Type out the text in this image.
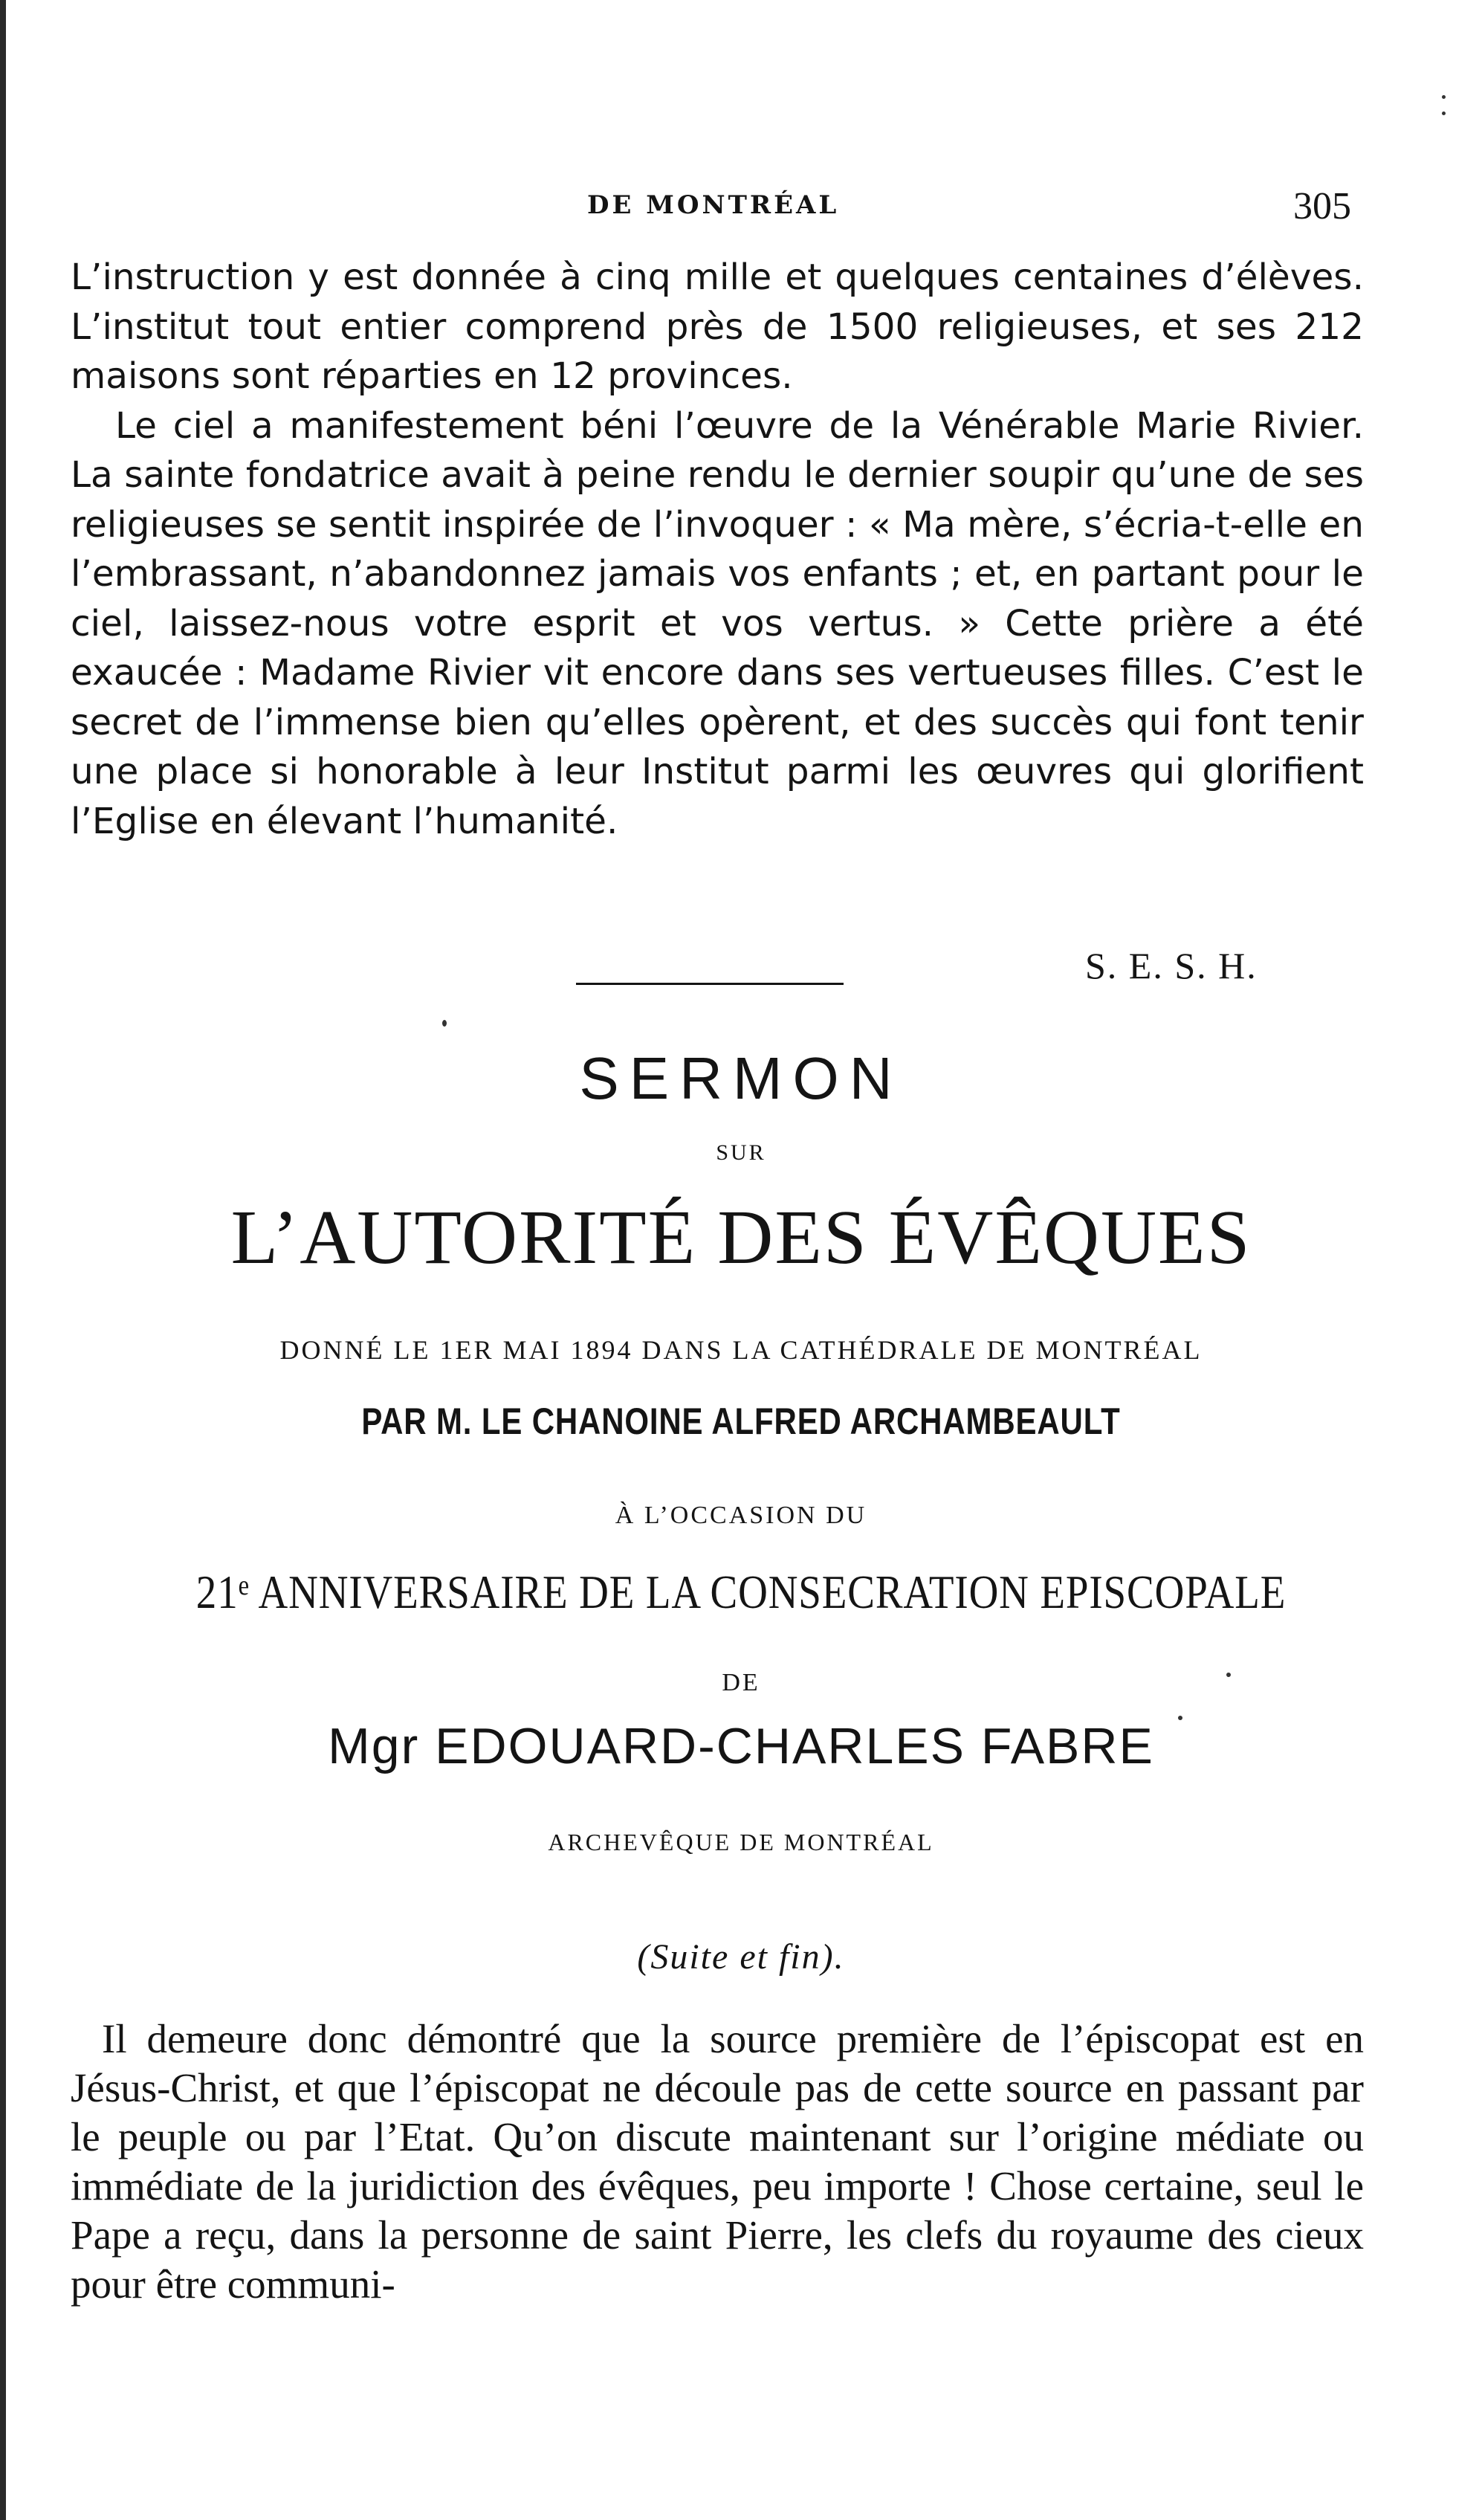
DE MONTRÉAL	305

L’instruction y est donnée à cinq mille et quelques centaines d’élèves. L’institut tout entier comprend près de 1500 religieuses, et ses 212 maisons sont réparties en 12 provinces.

Le ciel a manifestement béni l’œuvre de la Vénérable Marie Rivier. La sainte fondatrice avait à peine rendu le dernier soupir qu’une de ses religieuses se sentit inspirée de l’invoquer : « Ma mère, s’écria-t-elle en l’embrassant, n’abandonnez jamais vos enfants ; et, en partant pour le ciel, laissez-nous votre esprit et vos vertus. » Cette prière a été exaucée : Madame Rivier vit encore dans ses vertueuses filles. C’est le secret de l’immense bien qu’elles opèrent, et des succès qui font tenir une place si honorable à leur Institut parmi les œuvres qui glorifient l’Eglise en élevant l’humanité.

S. E. S. H.
SERMON
SUR
L’AUTORITÉ DES ÉVÊQUES
DONNÉ LE 1ER MAI 1894 DANS LA CATHÉDRALE DE MONTRÉAL
PAR M. LE CHANOINE ALFRED ARCHAMBEAULT
À L’OCCASION DU
21e ANNIVERSAIRE DE LA CONSECRATION EPISCOPALE
DE
Mgr EDOUARD-CHARLES FABRE
ARCHEVÊQUE DE MONTRÉAL
(Suite et fin).

Il demeure donc démontré que la source première de l’épiscopat est en Jésus-Christ, et que l’épiscopat ne découle pas de cette source en passant par le peuple ou par l’Etat. Qu’on discute maintenant sur l’origine médiate ou immédiate de la juridiction des évêques, peu importe ! Chose certaine, seul le Pape a reçu, dans la personne de saint Pierre, les clefs du royaume des cieux pour être communi-
